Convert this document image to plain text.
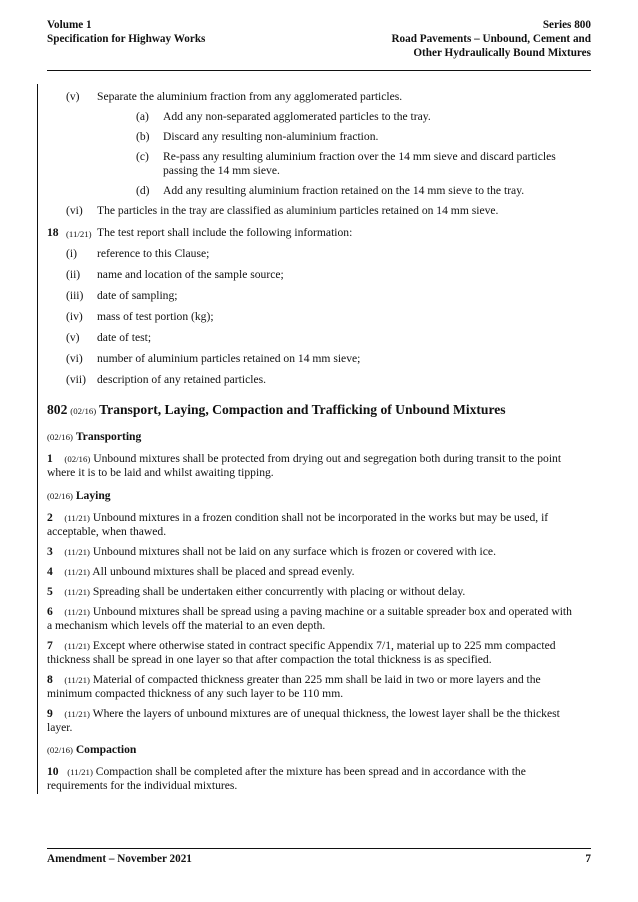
Volume 1
Specification for Highway Works
Series 800
Road Pavements – Unbound, Cement and
Other Hydraulically Bound Mixtures
(v) Separate the aluminium fraction from any agglomerated particles.
(a) Add any non-separated agglomerated particles to the tray.
(b) Discard any resulting non-aluminium fraction.
(c) Re-pass any resulting aluminium fraction over the 14 mm sieve and discard particles
passing the 14 mm sieve.
(d) Add any resulting aluminium fraction retained on the 14 mm sieve to the tray.
(vi) The particles in the tray are classified as aluminium particles retained on 14 mm sieve.
18 (11/21) The test report shall include the following information:
(i) reference to this Clause;
(ii) name and location of the sample source;
(iii) date of sampling;
(iv) mass of test portion (kg);
(v) date of test;
(vi) number of aluminium particles retained on 14 mm sieve;
(vii) description of any retained particles.
802 (02/16) Transport, Laying, Compaction and Trafficking of Unbound Mixtures
(02/16) Transporting
1 (02/16) Unbound mixtures shall be protected from drying out and segregation both during transit to the point
where it is to be laid and whilst awaiting tipping.
(02/16) Laying
2 (11/21) Unbound mixtures in a frozen condition shall not be incorporated in the works but may be used, if
acceptable, when thawed.
3 (11/21) Unbound mixtures shall not be laid on any surface which is frozen or covered with ice.
4 (11/21) All unbound mixtures shall be placed and spread evenly.
5 (11/21) Spreading shall be undertaken either concurrently with placing or without delay.
6 (11/21) Unbound mixtures shall be spread using a paving machine or a suitable spreader box and operated with
a mechanism which levels off the material to an even depth.
7 (11/21) Except where otherwise stated in contract specific Appendix 7/1, material up to 225 mm compacted
thickness shall be spread in one layer so that after compaction the total thickness is as specified.
8 (11/21) Material of compacted thickness greater than 225 mm shall be laid in two or more layers and the
minimum compacted thickness of any such layer to be 110 mm.
9 (11/21) Where the layers of unbound mixtures are of unequal thickness, the lowest layer shall be the thickest
layer.
(02/16) Compaction
10 (11/21) Compaction shall be completed after the mixture has been spread and in accordance with the
requirements for the individual mixtures.
Amendment – November 2021	7
